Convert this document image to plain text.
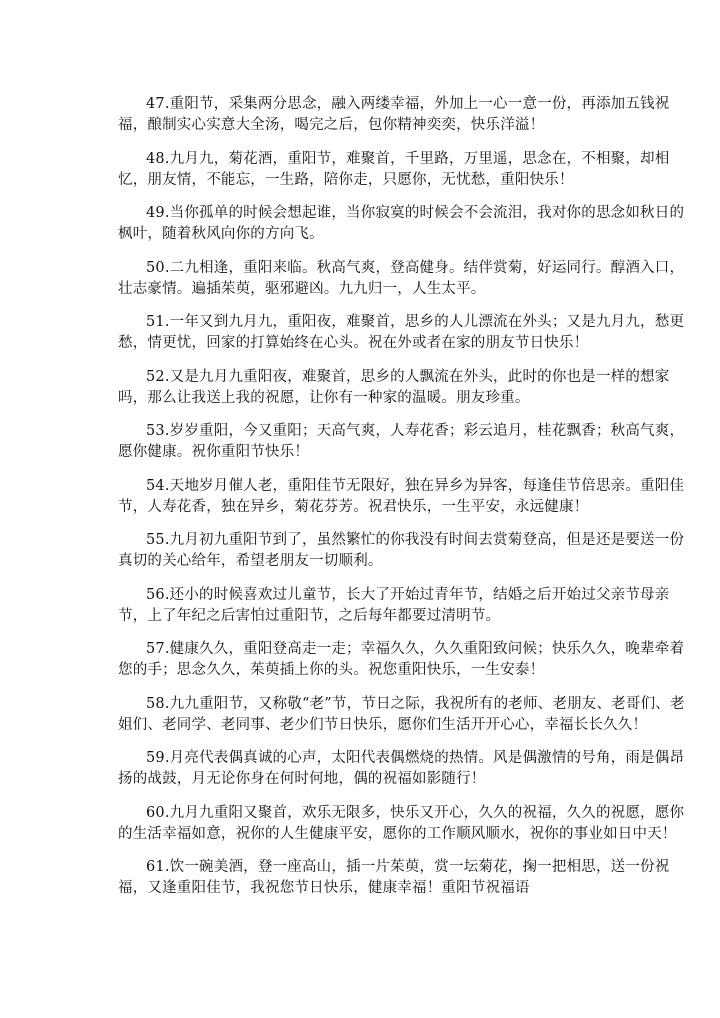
47.重阳节，采集两分思念，融入两缕幸福，外加上一心一意一份，再添加五钱祝福，酿制实心实意大全汤，喝完之后，包你精神奕奕，快乐洋溢！

48.九月九，菊花酒，重阳节，难聚首，千里路，万里遥，思念在，不相聚，却相忆，朋友情，不能忘，一生路，陪你走，只愿你，无忧愁，重阳快乐！

49.当你孤单的时候会想起谁，当你寂寞的时候会不会流泪，我对你的思念如秋日的枫叶，随着秋风向你的方向飞。

50.二九相逢，重阳来临。秋高气爽，登高健身。结伴赏菊，好运同行。醇酒入口，壮志豪情。遍插茱萸，驱邪避凶。九九归一，人生太平。

51.一年又到九月九，重阳夜，难聚首，思乡的人儿漂流在外头；又是九月九，愁更愁，情更忧，回家的打算始终在心头。祝在外或者在家的朋友节日快乐！

52.又是九月九重阳夜，难聚首，思乡的人飘流在外头，此时的你也是一样的想家吗，那么让我送上我的祝愿，让你有一种家的温暖。朋友珍重。

53.岁岁重阳，今又重阳；天高气爽，人寿花香；彩云追月，桂花飘香；秋高气爽，愿你健康。祝你重阳节快乐！

54.天地岁月催人老，重阳佳节无限好，独在异乡为异客，每逢佳节倍思亲。重阳佳节，人寿花香，独在异乡，菊花芬芳。祝君快乐，一生平安，永远健康！

55.九月初九重阳节到了，虽然繁忙的你我没有时间去赏菊登高，但是还是要送一份真切的关心给年，希望老朋友一切顺利。

56.还小的时候喜欢过儿童节，长大了开始过青年节，结婚之后开始过父亲节母亲节，上了年纪之后害怕过重阳节，之后每年都要过清明节。

57.健康久久，重阳登高走一走；幸福久久，久久重阳致问候；快乐久久，晚辈牵着您的手；思念久久，茱萸插上你的头。祝您重阳快乐，一生安泰！

58.九九重阳节，又称敬“老”节，节日之际，我祝所有的老师、老朋友、老哥们、老姐们、老同学、老同事、老少们节日快乐，愿你们生活开开心心，幸福长长久久！

59.月亮代表偶真诚的心声，太阳代表偶燃烧的热情。风是偶激情的号角，雨是偶昂扬的战鼓，月无论你身在何时何地，偶的祝福如影随行！

60.九月九重阳又聚首，欢乐无限多，快乐又开心，久久的祝福，久久的祝愿，愿你的生活幸福如意，祝你的人生健康平安，愿你的工作顺风顺水，祝你的事业如日中天！

61.饮一碗美酒，登一座高山，插一片茱萸，赏一坛菊花，掬一把相思，送一份祝福，又逢重阳佳节，我祝您节日快乐，健康幸福！重阳节祝福语
